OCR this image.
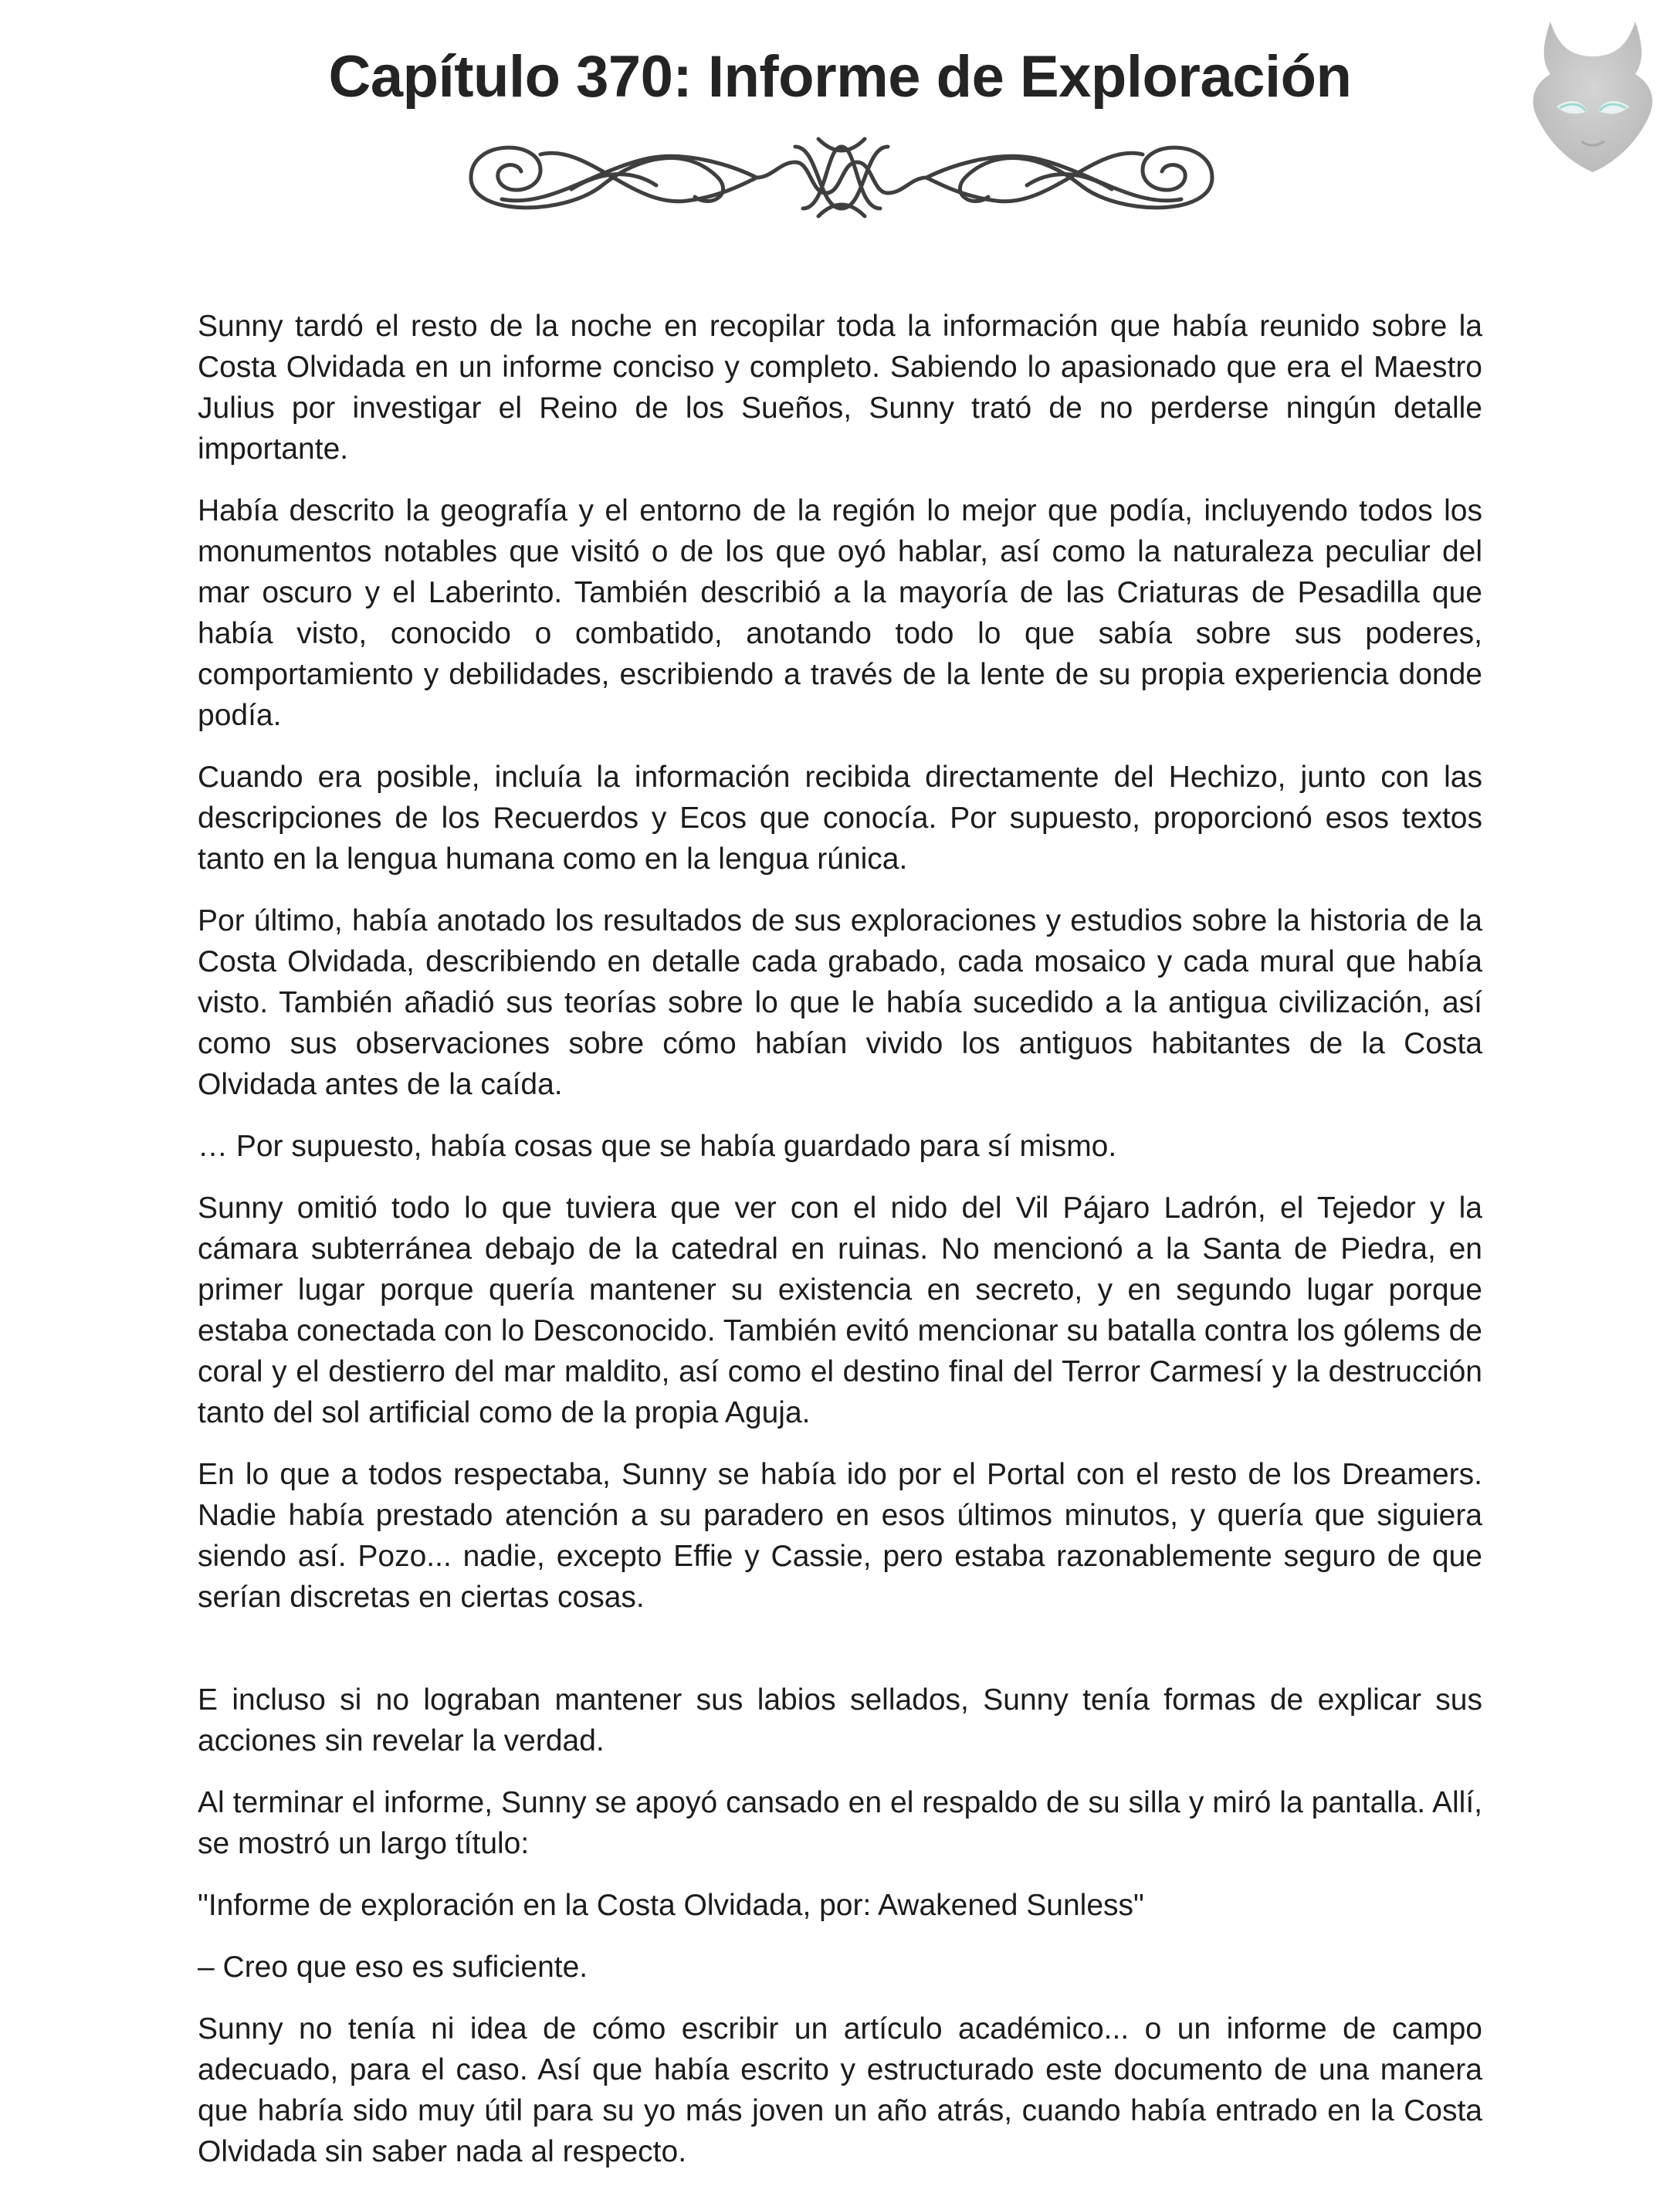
Capítulo 370: Informe de Exploración

Sunny tardó el resto de la noche en recopilar toda la información que había reunido sobre la Costa Olvidada en un informe conciso y completo. Sabiendo lo apasionado que era el Maestro Julius por investigar el Reino de los Sueños, Sunny trató de no perderse ningún detalle importante.

Había descrito la geografía y el entorno de la región lo mejor que podía, incluyendo todos los monumentos notables que visitó o de los que oyó hablar, así como la naturaleza peculiar del mar oscuro y el Laberinto. También describió a la mayoría de las Criaturas de Pesadilla que había visto, conocido o combatido, anotando todo lo que sabía sobre sus poderes, comportamiento y debilidades, escribiendo a través de la lente de su propia experiencia donde podía.

Cuando era posible, incluía la información recibida directamente del Hechizo, junto con las descripciones de los Recuerdos y Ecos que conocía. Por supuesto, proporcionó esos textos tanto en la lengua humana como en la lengua rúnica.

Por último, había anotado los resultados de sus exploraciones y estudios sobre la historia de la Costa Olvidada, describiendo en detalle cada grabado, cada mosaico y cada mural que había visto. También añadió sus teorías sobre lo que le había sucedido a la antigua civilización, así como sus observaciones sobre cómo habían vivido los antiguos habitantes de la Costa Olvidada antes de la caída.

… Por supuesto, había cosas que se había guardado para sí mismo.

Sunny omitió todo lo que tuviera que ver con el nido del Vil Pájaro Ladrón, el Tejedor y la cámara subterránea debajo de la catedral en ruinas. No mencionó a la Santa de Piedra, en primer lugar porque quería mantener su existencia en secreto, y en segundo lugar porque estaba conectada con lo Desconocido. También evitó mencionar su batalla contra los gólems de coral y el destierro del mar maldito, así como el destino final del Terror Carmesí y la destrucción tanto del sol artificial como de la propia Aguja.

En lo que a todos respectaba, Sunny se había ido por el Portal con el resto de los Dreamers. Nadie había prestado atención a su paradero en esos últimos minutos, y quería que siguiera siendo así. Pozo... nadie, excepto Effie y Cassie, pero estaba razonablemente seguro de que serían discretas en ciertas cosas.

E incluso si no lograban mantener sus labios sellados, Sunny tenía formas de explicar sus acciones sin revelar la verdad.

Al terminar el informe, Sunny se apoyó cansado en el respaldo de su silla y miró la pantalla. Allí, se mostró un largo título:

"Informe de exploración en la Costa Olvidada, por: Awakened Sunless"

– Creo que eso es suficiente.

Sunny no tenía ni idea de cómo escribir un artículo académico... o un informe de campo adecuado, para el caso. Así que había escrito y estructurado este documento de una manera que habría sido muy útil para su yo más joven un año atrás, cuando había entrado en la Costa Olvidada sin saber nada al respecto.
